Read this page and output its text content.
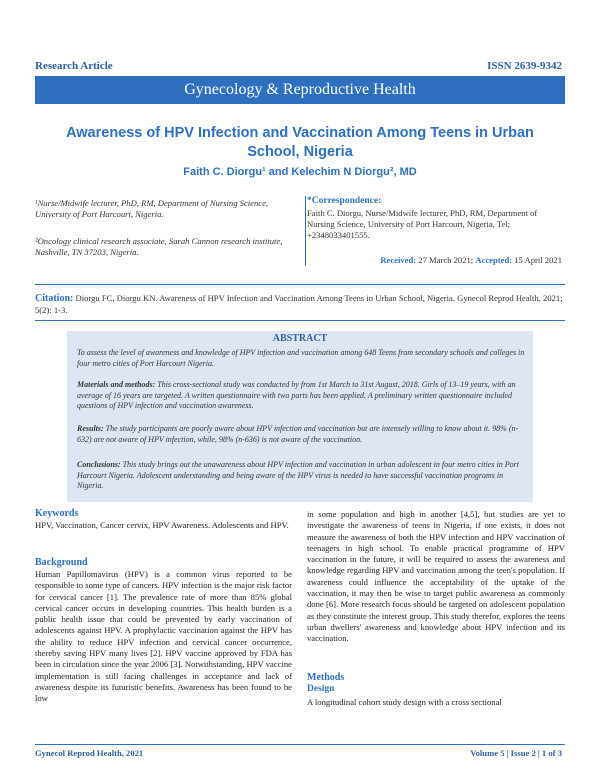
Research Article	ISSN 2639-9342
Gynecology & Reproductive Health
Awareness of HPV Infection and Vaccination Among Teens in Urban School, Nigeria
Faith C. Diorgu¹ and Kelechim N Diorgu², MD
¹Nurse/Midwife lecturer, PhD, RM, Department of Nursing Science, University of Port Harcourt, Nigeria.
²Oncology clinical research associate, Sarah Cannon research institute, Nashville, TN 37203, Nigeria.
*Correspondence:
Faith C. Diorgu, Nurse/Midwife lecturer, PhD, RM, Department of Nursing Science, University of Port Harcourt, Nigeria, Tel; +2348033401555.
Received: 27 March 2021; Accepted: 15 April 2021
Citation: Diorgu FC, Diorgu KN. Awareness of HPV Infection and Vaccination Among Teens in Urban School, Nigeria. Gynecol Reprod Health. 2021; 5(2): 1-3.
ABSTRACT
To assess the level of awareness and knowledge of HPV infection and vaccination among 648 Teens from secondary schools and colleges in four metro cities of Port Harcourt Nigeria.
Materials and methods: This cross-sectional study was conducted by from 1st March to 31st August, 2018. Girls of 13–19 years, with an average of 16 years are targeted. A written questionnaire with two parts has been applied. A preliminary written questionnaire included questions of HPV infection and vaccination awareness.
Results: The study participants are poorly aware about HPV infection and vaccination but are intensely willing to know about it. 98% (n-632) are not aware of HPV infection, while, 98% (n-636) is not aware of the vaccination.
Conclusions: This study brings out the unawareness about HPV infection and vaccination in urban adolescent in four metro cities in Port Harcourt Nigeria. Adolescent understanding and being aware of the HPV virus is needed to have successful vaccination programs in Nigeria.
Keywords
HPV, Vaccination, Cancer cervix, HPV Awareness. Adolescents and HPV.
Background
Human Papillomavirus (HPV) is a common virus reported to be responsible to some type of cancers. HPV infection is the major risk factor for cervical cancer [1]. The prevalence rate of more than 85% global cervical cancer occurs in developing countries. This health burden is a public health issue that could be prevented by early vaccination of adolescents against HPV. A prophylactic vaccination against the HPV has the ability to reduce HPV infection and cervical cancer occurrence, thereby saving HPV many lives [2]. HPV vaccine approved by FDA has been in circulation since the year 2006 [3]. Notwithstanding, HPV vaccine implementation is still facing challenges in acceptance and lack of awareness despite its futuristic benefits. Awareness has been found to be low
in some population and high in another [4,5], but studies are yet to investigate the awareness of teens in Nigeria, if one exists, it does not measure the awareness of both the HPV infection and HPV vaccination of teenagers in high school. To enable practical programme of HPV vaccination in the future, it will be required to assess the awareness and knowledge regarding HPV and vaccination among the teen's population. If awareness could influence the acceptability of the uptake of the vaccination, it may then be wise to target public awareness as commonly done [6]. More research focus should be targeted on adolescent population as they constitute the interest group. This study therefor, explores the teens urban dwellers' awareness and knowledge about HPV infection and its vaccination.
Methods
Design
A longitudinal cohort study design with a cross sectional
Gynecol Reprod Health, 2021	Volume 5 | Issue 2 | 1 of 3
